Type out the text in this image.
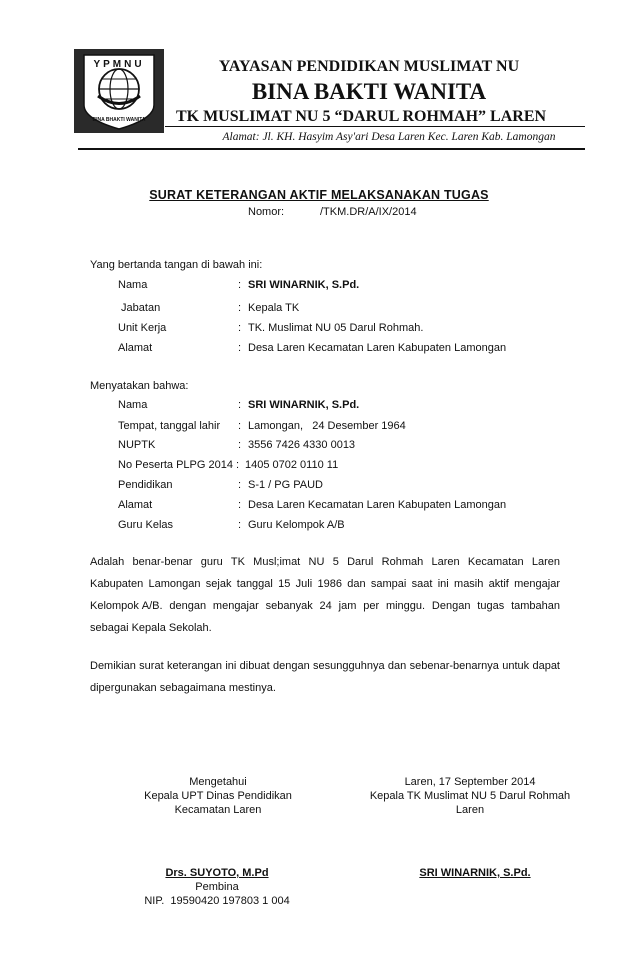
YPMNU
BINA BHAKTI WANITA
YAYASAN PENDIDIKAN MUSLIMAT NU
BINA BAKTI WANITA
TK MUSLIMAT NU 5 “DARUL ROHMAH” LAREN
Alamat: Jl. KH. Hasyim Asy'ari Desa Laren Kec. Laren Kab. Lamongan
SURAT KETERANGAN AKTIF MELAKSANAKAN TUGAS
Nomor:	/TKM.DR/A/IX/2014
Yang bertanda tangan di bawah ini:
Nama	: SRI WINARNIK, S.Pd.
Jabatan	: Kepala TK
Unit Kerja	: TK. Muslimat NU 05 Darul Rohmah.
Alamat	: Desa Laren Kecamatan Laren Kabupaten Lamongan
Menyatakan bahwa:
Nama	: SRI WINARNIK, S.Pd.
Tempat, tanggal lahir : Lamongan,   24 Desember 1964
NUPTK	: 3556 7426 4330 0013
No Peserta PLPG 2014 : 1405 0702 0110 11
Pendidikan	: S-1 / PG PAUD
Alamat	: Desa Laren Kecamatan Laren Kabupaten Lamongan
Guru Kelas	: Guru Kelompok A/B
Adalah  benar-benar  guru  TK  Musl;imat  NU  5  Darul  Rohmah  Laren  Kecamatan  Laren Kabupaten Lamongan sejak tanggal 15 Juli 1986 dan sampai saat ini masih aktif mengajar Kelompok A/B.  dengan  mengajar  sebanyak  24  jam  per  minggu.  Dengan  tugas  tambahan sebagai Kepala Sekolah.
Demikian surat keterangan ini dibuat dengan sesungguhnya dan sebenar-benarnya untuk dapat dipergunakan sebagaimana mestinya.
Mengetahui
Kepala UPT Dinas Pendidikan
Kecamatan Laren
Laren, 17 September 2014
Kepala TK Muslimat NU 5 Darul Rohmah
Laren
Drs. SUYOTO, M.Pd
Pembina
NIP.  19590420 197803 1 004
SRI WINARNIK, S.Pd.
